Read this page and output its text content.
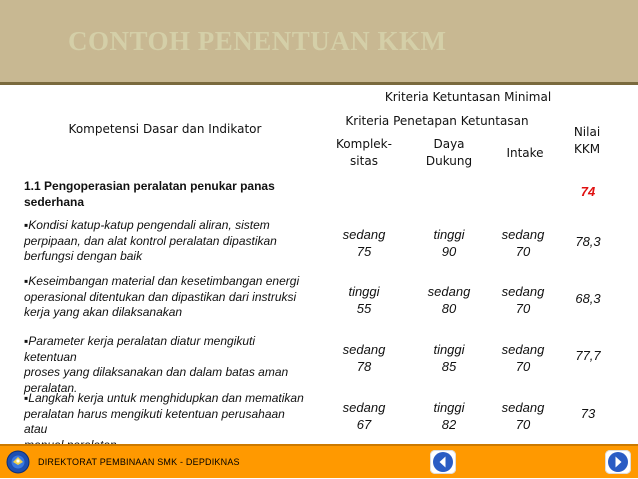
CONTOH PENENTUAN KKM
Kriteria Ketuntasan Minimal
Kompetensi Dasar dan Indikator
Kriteria Penetapan Ketuntasan
Komplek-
sitas
Daya
Dukung
Intake
Nilai
KKM
1.1 Pengoperasian peralatan penukar panas
sederhana
74
▪Kondisi katup-katup pengendali aliran, sistem
perpipaan, dan alat kontrol peralatan dipastikan
berfungsi dengan baik
sedang
75
tinggi
90
sedang
70
78,3
▪Keseimbangan material dan kesetimbangan energi
operasional ditentukan dan dipastikan dari instruksi
kerja yang akan dilaksanakan
tinggi
55
sedang
80
sedang
70
68,3
▪Parameter kerja peralatan diatur mengikuti ketentuan
proses yang dilaksanakan dan dalam batas aman
peralatan.
sedang
78
tinggi
85
sedang
70
77,7
▪Langkah kerja untuk menghidupkan dan mematikan
peralatan harus mengikuti ketentuan perusahaan atau
sedang
67
tinggi
82
sedang
70
73
DIREKTORAT PEMBINAAN SMK - DEPDIKNAS
